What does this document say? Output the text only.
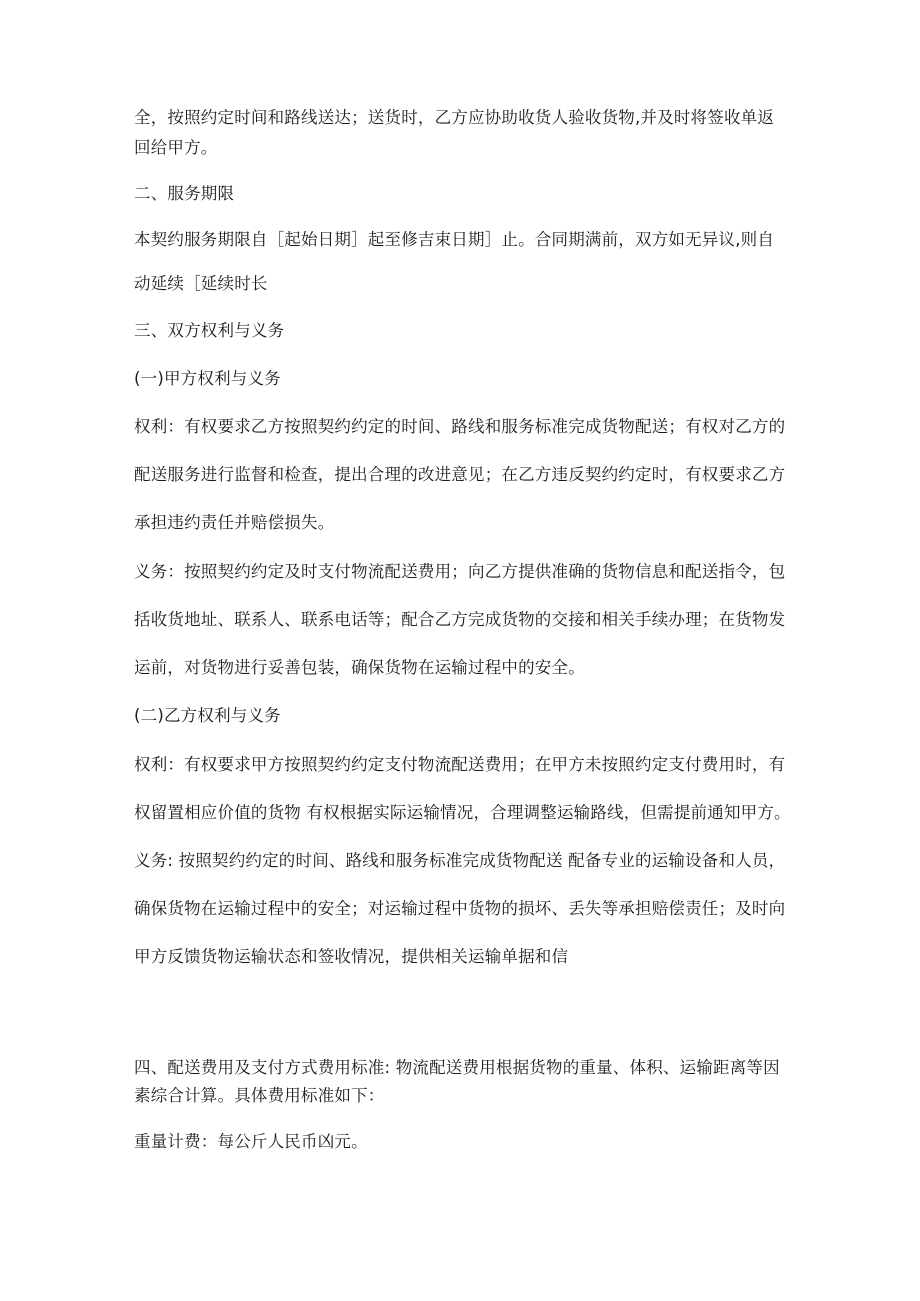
全，按照约定时间和路线送达；送货时，乙方应协助收货人验收货物,并及时将签收单返

回给甲方。

二、服务期限

本契约服务期限自［起始日期］起至修吉束日期］止。合同期满前，双方如无异议,则自

动延续［延续时长

三、双方权利与义务

(一)甲方权利与义务

权利：有权要求乙方按照契约约定的时间、路线和服务标准完成货物配送；有权对乙方的

配送服务进行监督和检查，提出合理的改进意见；在乙方违反契约约定时，有权要求乙方

承担违约责任并赔偿损失。

义务：按照契约约定及时支付物流配送费用；向乙方提供准确的货物信息和配送指令，包

括收货地址、联系人、联系电话等；配合乙方完成货物的交接和相关手续办理；在货物发

运前，对货物进行妥善包装，确保货物在运输过程中的安全。

(二)乙方权利与义务

权利：有权要求甲方按照契约约定支付物流配送费用；在甲方未按照约定支付费用时，有

权留置相应价值的货物 有权根据实际运输情况，合理调整运输路线，但需提前通知甲方。

义务: 按照契约约定的时间、路线和服务标准完成货物配送 配备专业的运输设备和人员，

确保货物在运输过程中的安全；对运输过程中货物的损坏、丢失等承担赔偿责任；及时向

甲方反馈货物运输状态和签收情况，提供相关运输单据和信

四、配送费用及支付方式费用标准: 物流配送费用根据货物的重量、体积、运输距离等因

素综合计算。具体费用标准如下：

重量计费：每公斤人民币凶元。
